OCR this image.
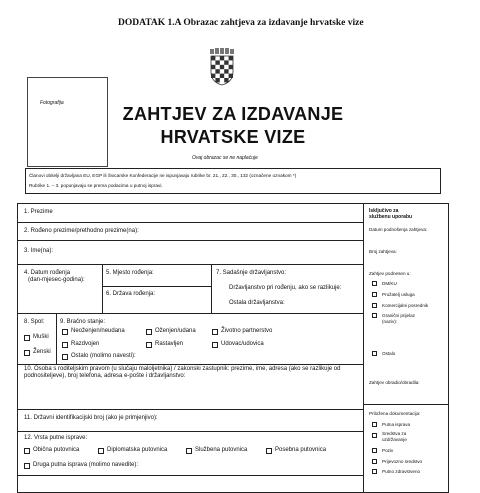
DODATAK 1.A Obrazac zahtjeva za izdavanje hrvatske vize
Fotografija
ZAHTJEV ZA IZDAVANJE
HRVATSKE VIZE
Ovaj obrazac se ne naplaćuje
Članovi obitelji državljana EU, EGP ili Švicarske Konfederacije ne ispunjavaju rubrike br. 21., 22., 30., 132 (označene oznakom *)
Rubrike 1. – 3. popunjavaju se prema podacima u putnoj ispravi.
1. Prezime
2. Rođeno prezime/prethodno prezime(na):
3. Ime(na):
4. Datum rođenja
(dan-mjesec-godina):
5. Mjesto rođenja:
6. Država rođenja:
7. Sadašnje državljanstvo:
Državljanstvo pri rođenju, ako se razlikuje:
Ostala državljanstva:
8. Spol:
Muški
Ženski
9. Bračno stanje:
Neoženjen/neudana	Oženjen/udana	Životno partnerstvo
Razdvojen	Rastavljen	Udovac/udovica
Ostalo (molimo navesti):
10. Osoba s roditeljskim pravom (u slučaju maloljetnika) / zakonski zastupnik: prezime, ime, adresa (ako se razlikuje od podnositeljeve), broj telefona, adresa e-pošte i državljanstvo:
11. Državni identifikacijski broj (ako je primjenjivo):
12. Vrsta putne isprave:
Obična putovnica	Diplomatska putovnica	Službena putovnica	Posebna putovnica
Druga putna isprava (molimo navedite):
Isključivo za
službenu uporabu
Datum podnošenja zahtjeva:
Broj zahtjeva:
Zahtjev podnesen u:
DM/KU
Pružatelj usluga
Komercijalni posrednik
Granični prijelaz (naziv):
Ostalo
Zahtjev obradio/obradila:
Priložena dokumentacija:
Putna isprava
Sredstva za uzdržavanje
Poziv
Prijevozno sredstvo
Putno zdravstveno
